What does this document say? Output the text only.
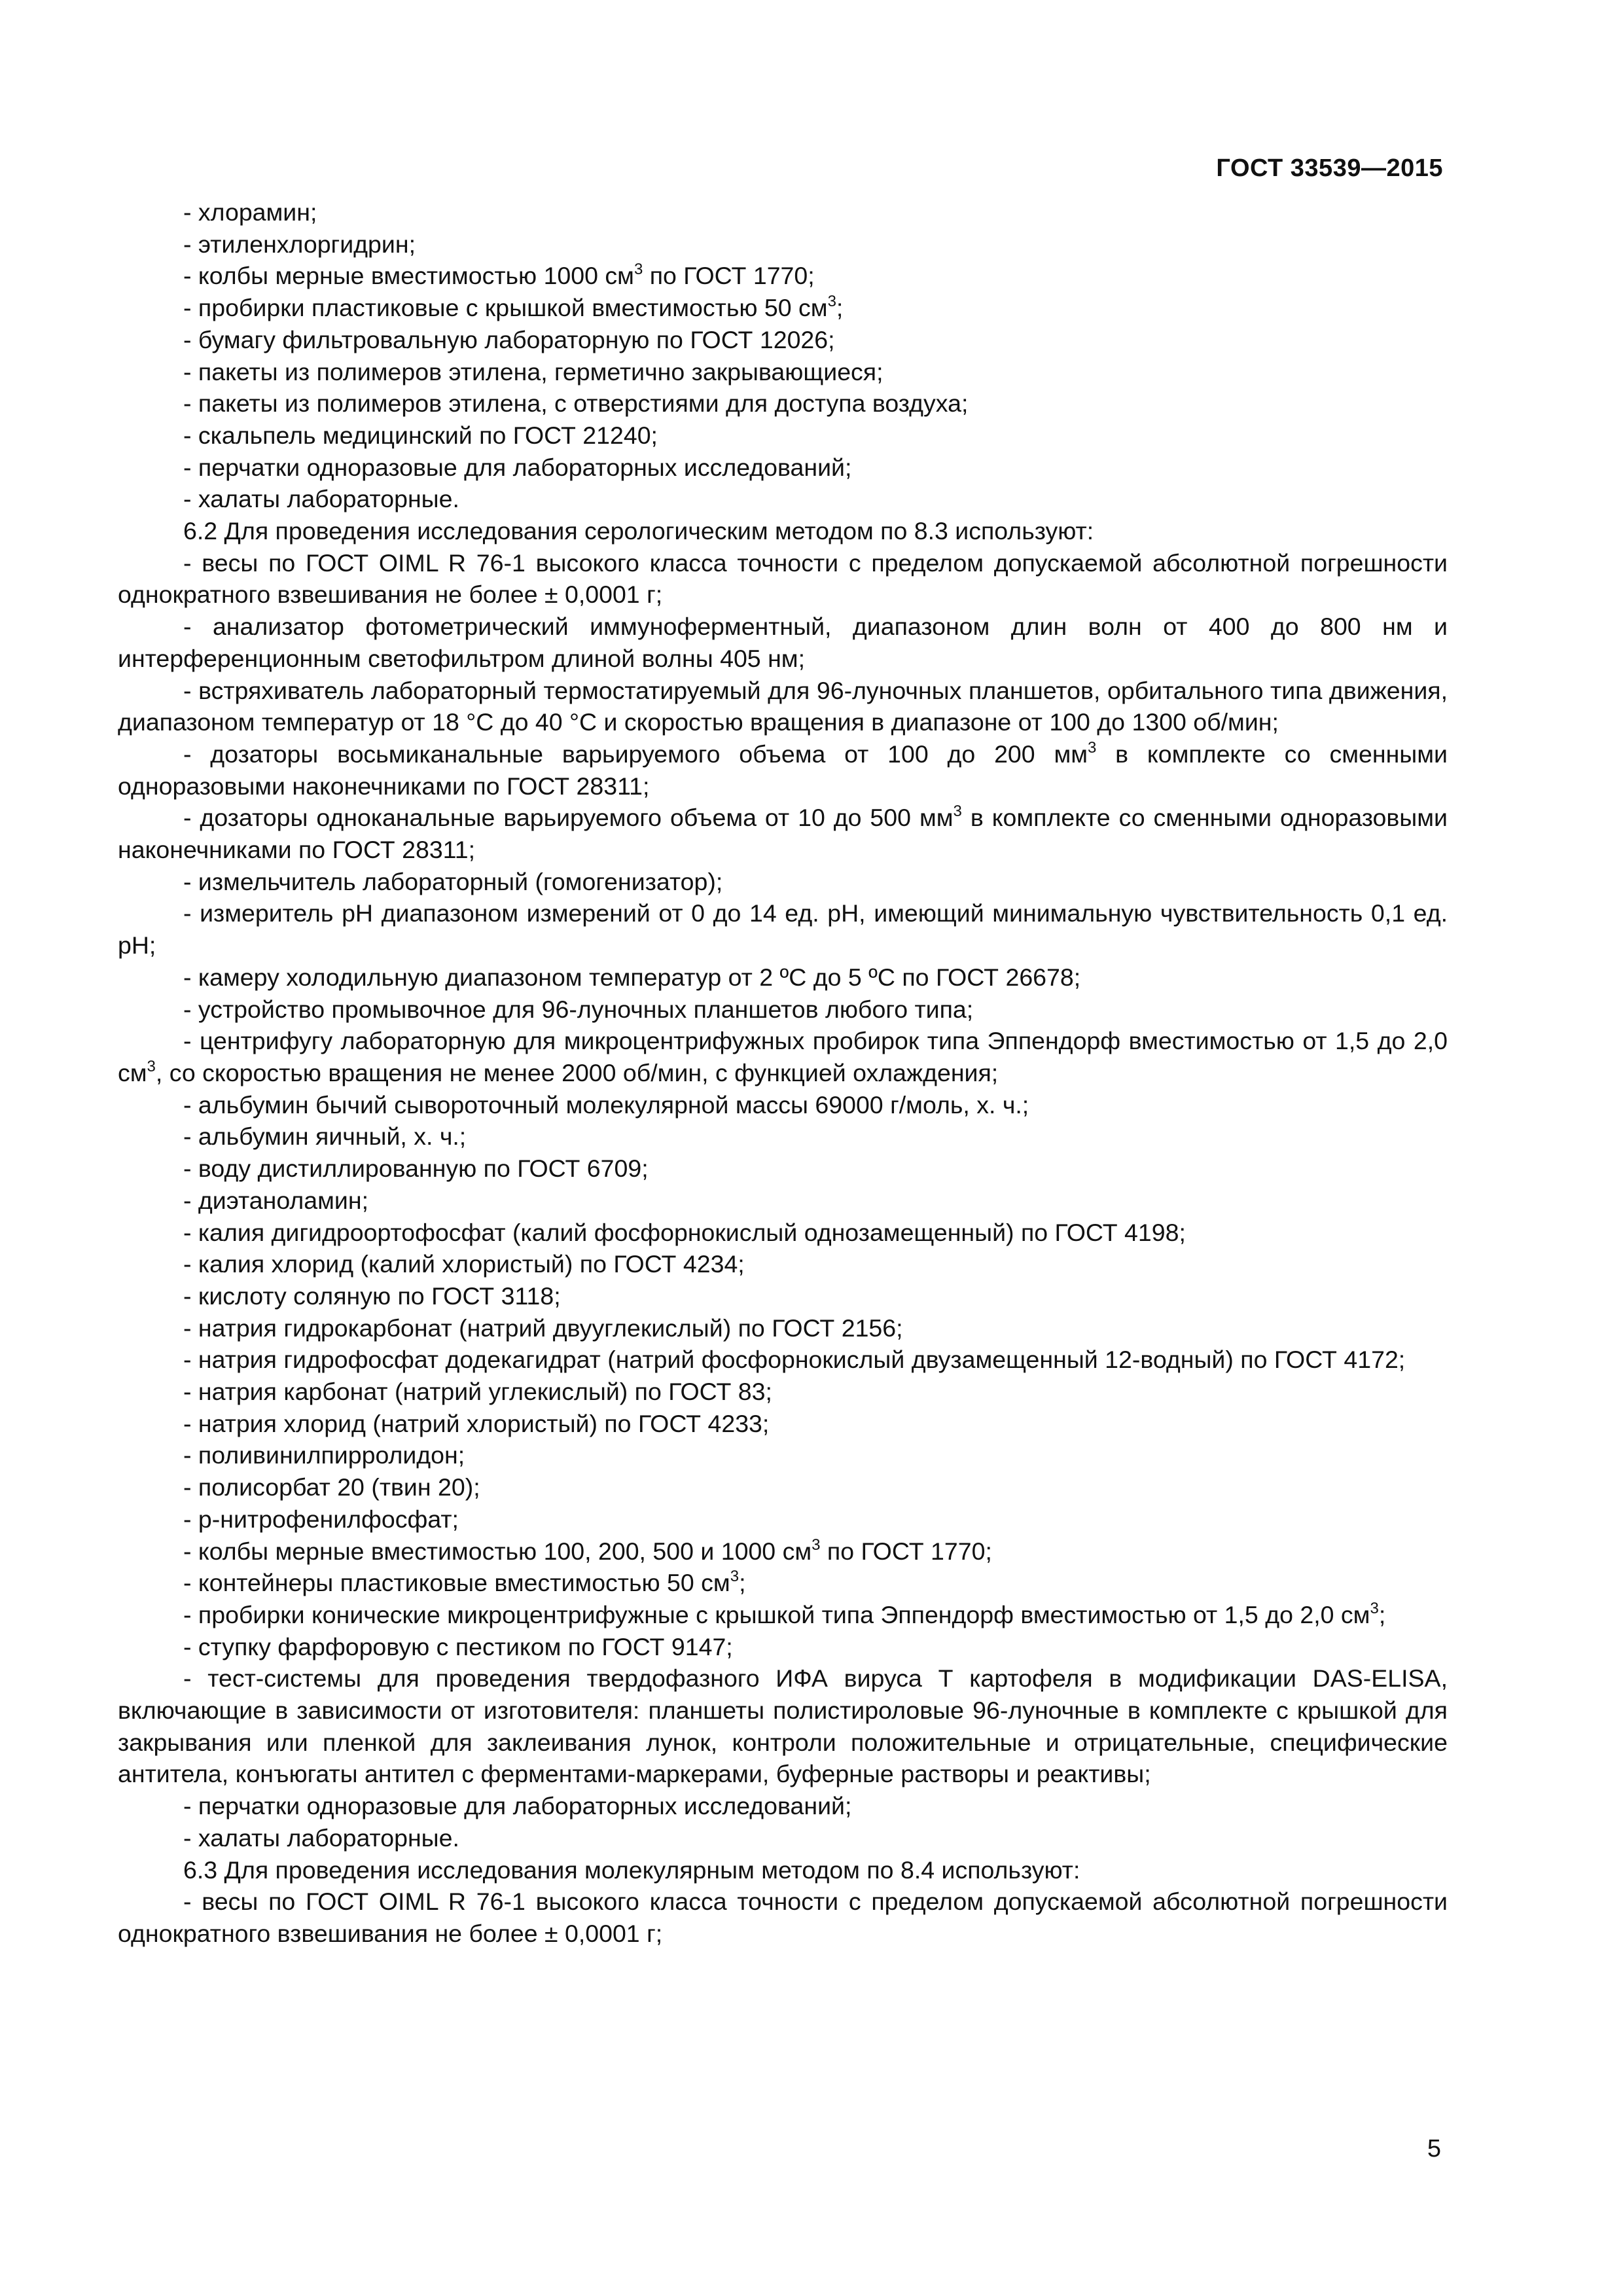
ГОСТ 33539—2015

- хлорамин;

- этиленхлоргидрин;

- колбы мерные вместимостью 1000 $см^3$ по ГОСТ 1770;

- пробирки пластиковые с крышкой вместимостью 50 $см^3$;

- бумагу фильтровальную лабораторную по ГОСТ 12026;

- пакеты из полимеров этилена, герметично закрывающиеся;

- пакеты из полимеров этилена, с отверстиями для доступа воздуха;

- скальпель медицинский по ГОСТ 21240;

- перчатки одноразовые для лабораторных исследований;

- халаты лабораторные.

6.2 Для проведения исследования серологическим методом по 8.3 используют:

- весы по ГОСТ OIML R 76-1 высокого класса точности с пределом допускаемой абсолютной погрешности однократного взвешивания не более ± 0,0001 г;

- анализатор фотометрический иммуноферментный, диапазоном длин волн от 400 до 800 нм и интерференционным светофильтром длиной волны 405 нм;

- встряхиватель лабораторный термостатируемый для 96-луночных планшетов, орбитального типа движения, диапазоном температур от 18 °С до 40 °С и скоростью вращения в диапазоне от 100 до 1300 об/мин;

- дозаторы восьмиканальные варьируемого объема от 100 до 200 $мм^3$ в комплекте со сменными одноразовыми наконечниками по ГОСТ 28311;

- дозаторы одноканальные варьируемого объема от 10 до 500 $мм^3$ в комплекте со сменными одноразовыми наконечниками по ГОСТ 28311;

- измельчитель лабораторный (гомогенизатор);

- измеритель pH диапазоном измерений от 0 до 14 ед. pH, имеющий минимальную чувствительность 0,1 ед. pH;

- камеру холодильную диапазоном температур от 2 ºС до 5 ºС по ГОСТ 26678;

- устройство промывочное для 96-луночных планшетов любого типа;

- центрифугу лабораторную для микроцентрифужных пробирок типа Эппендорф вместимостью от 1,5 до 2,0 $см^3$, со скоростью вращения не менее 2000 об/мин, с функцией охлаждения;

- альбумин бычий сывороточный молекулярной массы 69000 г/моль, х. ч.;

- альбумин яичный, х. ч.;

- воду дистиллированную по ГОСТ 6709;

- диэтаноламин;

- калия дигидроортофосфат (калий фосфорнокислый однозамещенный) по ГОСТ 4198;

- калия хлорид (калий хлористый) по ГОСТ 4234;

- кислоту соляную по ГОСТ 3118;

- натрия гидрокарбонат (натрий двууглекислый) по ГОСТ 2156;

- натрия гидрофосфат додекагидрат (натрий фосфорнокислый двузамещенный 12-водный) по ГОСТ 4172;

- натрия карбонат (натрий углекислый) по ГОСТ 83;

- натрия хлорид (натрий хлористый) по ГОСТ 4233;

- поливинилпирролидон;

- полисорбат 20 (твин 20);

- р-нитрофенилфосфат;

- колбы мерные вместимостью 100, 200, 500 и 1000 $см^3$ по ГОСТ 1770;

- контейнеры пластиковые вместимостью 50 $см^3$;

- пробирки конические микроцентрифужные с крышкой типа Эппендорф вместимостью от 1,5 до 2,0 $см^3$;

- ступку фарфоровую с пестиком по ГОСТ 9147;

- тест-системы для проведения твердофазного ИФА вируса Т картофеля в модификации DAS-ELISA, включающие в зависимости от изготовителя: планшеты полистироловые 96-луночные в комплекте с крышкой для закрывания или пленкой для заклеивания лунок, контроли положительные и отрицательные, специфические антитела, конъюгаты антител с ферментами-маркерами, буферные растворы и реактивы;

- перчатки одноразовые для лабораторных исследований;

- халаты лабораторные.

6.3 Для проведения исследования молекулярным методом по 8.4 используют:

- весы по ГОСТ OIML R 76-1 высокого класса точности с пределом допускаемой абсолютной погрешности однократного взвешивания не более ± 0,0001 г;

5
